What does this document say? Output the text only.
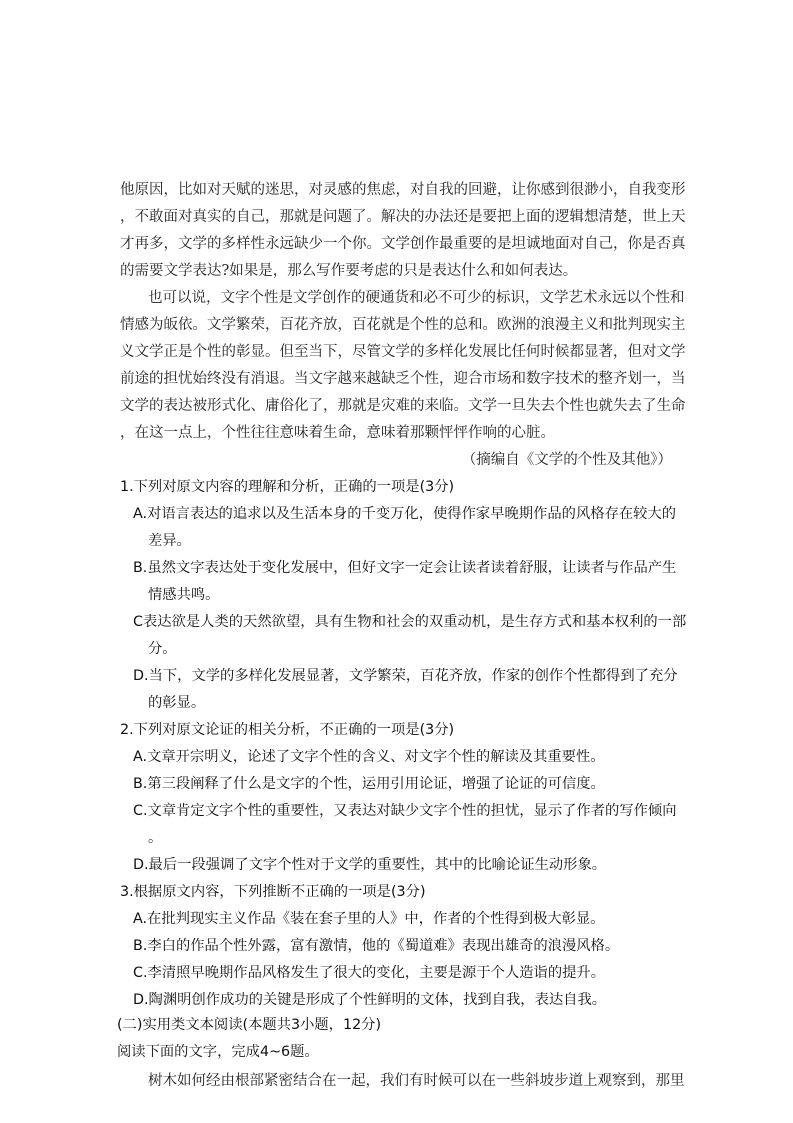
他原因，比如对天赋的迷思，对灵感的焦虑，对自我的回避，让你感到很渺小，自我变形
，不敢面对真实的自己，那就是问题了。解决的办法还是要把上面的逻辑想清楚，世上天
才再多，文学的多样性永远缺少一个你。文学创作最重要的是坦诚地面对自己，你是否真
的需要文学表达?如果是，那么写作要考虑的只是表达什么和如何表达。
也可以说，文字个性是文学创作的硬通货和必不可少的标识，文学艺术永远以个性和
情感为皈依。文学繁荣，百花齐放，百花就是个性的总和。欧洲的浪漫主义和批判现实主
义文学正是个性的彰显。但至当下，尽管文学的多样化发展比任何时候都显著，但对文学
前途的担忧始终没有消退。当文字越来越缺乏个性，迎合市场和数字技术的整齐划一，当
文学的表达被形式化、庸俗化了，那就是灾难的来临。文学一旦失去个性也就失去了生命
，在这一点上，个性往往意味着生命，意味着那颗怦怦作响的心脏。
（摘编自《文学的个性及其他》）
1.下列对原文内容的理解和分析，正确的一项是(3分)
A.对语言表达的追求以及生活本身的千变万化，使得作家早晚期作品的风格存在较大的
差异。
B.虽然文字表达处于变化发展中，但好文字一定会让读者读着舒服，让读者与作品产生
情感共鸣。
C表达欲是人类的天然欲望，具有生物和社会的双重动机，是生存方式和基本权利的一部
分。
D.当下，文学的多样化发展显著，文学繁荣，百花齐放，作家的创作个性都得到了充分
的彰显。
2.下列对原文论证的相关分析，不正确的一项是(3分)
A.文章开宗明义，论述了文字个性的含义、对文字个性的解读及其重要性。
B.第三段阐释了什么是文字的个性，运用引用论证，增强了论证的可信度。
C.文章肯定文字个性的重要性，又表达对缺少文字个性的担忧，显示了作者的写作倾向
。
D.最后一段强调了文字个性对于文学的重要性，其中的比喻论证生动形象。
3.根据原文内容，下列推断不正确的一项是(3分)
A.在批判现实主义作品《装在套子里的人》中，作者的个性得到极大彰显。
B.李白的作品个性外露，富有激情，他的《蜀道难》表现出雄奇的浪漫风格。
C.李清照早晚期作品风格发生了很大的变化，主要是源于个人造诣的提升。
D.陶渊明创作成功的关键是形成了个性鲜明的文体，找到自我，表达自我。
(二)实用类文本阅读(本题共3小题，12分)
阅读下面的文字，完成4~6题。
树木如何经由根部紧密结合在一起，我们有时候可以在一些斜坡步道上观察到，那里
